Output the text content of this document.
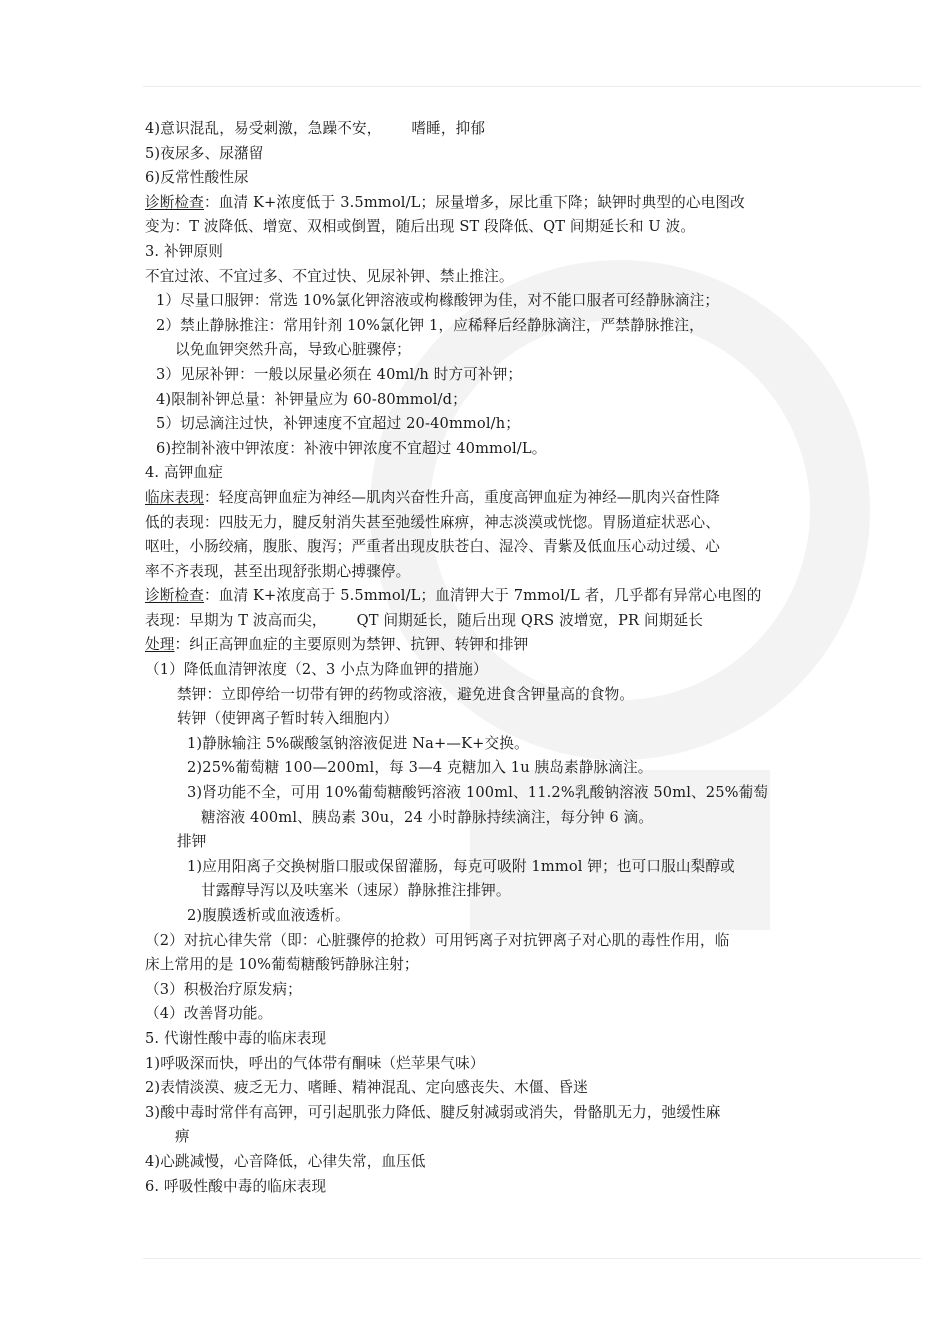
4)意识混乱，易受刺激，急躁不安， 嗜睡，抑郁
5)夜尿多、尿潴留
6)反常性酸性尿
诊断检查：血清 K+浓度低于 3.5mmol/L；尿量增多，尿比重下降；缺钾时典型的心电图改
变为：T 波降低、增宽、双相或倒置，随后出现 ST 段降低、QT 间期延长和 U 波。
3. 补钾原则
不宜过浓、不宜过多、不宜过快、见尿补钾、禁止推注。
1）尽量口服钾：常选 10%氯化钾溶液或枸橼酸钾为佳，对不能口服者可经静脉滴注；
2）禁止静脉推注：常用针剂 10%氯化钾 1，应稀释后经静脉滴注，严禁静脉推注，
以免血钾突然升高，导致心脏骤停；
3）见尿补钾：一般以尿量必须在 40ml/h 时方可补钾；
4)限制补钾总量：补钾量应为 60-80mmol/d；
5）切忌滴注过快，补钾速度不宜超过 20-40mmol/h；
6)控制补液中钾浓度：补液中钾浓度不宜超过 40mmol/L。
4. 高钾血症
临床表现：轻度高钾血症为神经—肌肉兴奋性升高，重度高钾血症为神经—肌肉兴奋性降
低的表现：四肢无力，腱反射消失甚至弛缓性麻痹，神志淡漠或恍惚。胃肠道症状恶心、
呕吐，小肠绞痛，腹胀、腹泻；严重者出现皮肤苍白、湿冷、青紫及低血压心动过缓、心
率不齐表现，甚至出现舒张期心搏骤停。
诊断检查：血清 K+浓度高于 5.5mmol/L；血清钾大于 7mmol/L 者，几乎都有异常心电图的
表现：早期为 T 波高而尖， QT 间期延长，随后出现 QRS 波增宽，PR 间期延长
处理：纠正高钾血症的主要原则为禁钾、抗钾、转钾和排钾
（1）降低血清钾浓度（2、3 小点为降血钾的措施）
禁钾：立即停给一切带有钾的药物或溶液，避免进食含钾量高的食物。
转钾（使钾离子暂时转入细胞内）
1)静脉输注 5%碳酸氢钠溶液促进 Na+—K+交换。
2)25%葡萄糖 100—200ml，每 3—4 克糖加入 1u 胰岛素静脉滴注。
3)肾功能不全，可用 10%葡萄糖酸钙溶液 100ml、11.2%乳酸钠溶液 50ml、25%葡萄
糖溶液 400ml、胰岛素 30u，24 小时静脉持续滴注，每分钟 6 滴。
排钾
1)应用阳离子交换树脂口服或保留灌肠，每克可吸附 1mmol 钾；也可口服山梨醇或
甘露醇导泻以及呋塞米（速尿）静脉推注排钾。
2)腹膜透析或血液透析。
（2）对抗心律失常（即：心脏骤停的抢救）可用钙离子对抗钾离子对心肌的毒性作用，临
床上常用的是 10%葡萄糖酸钙静脉注射；
（3）积极治疗原发病；
（4）改善肾功能。
5. 代谢性酸中毒的临床表现
1)呼吸深而快，呼出的气体带有酮味（烂苹果气味）
2)表情淡漠、疲乏无力、嗜睡、精神混乱、定向感丧失、木僵、昏迷
3)酸中毒时常伴有高钾，可引起肌张力降低、腱反射减弱或消失，骨骼肌无力，弛缓性麻
痹
4)心跳减慢，心音降低，心律失常，血压低
6. 呼吸性酸中毒的临床表现
